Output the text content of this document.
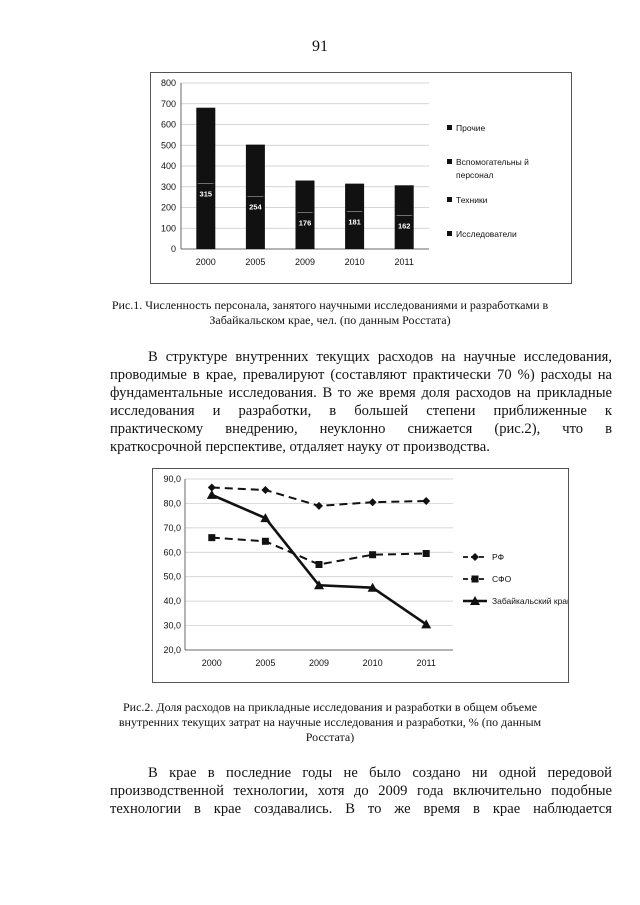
91
0
100
200
300
400
500
600
700
800
315
2000
254
2005
176
2009
181
2010
162
2011
Прочие
Вспомогательны й
персонал
Техники
Исследователи
Рис.1. Численность персонала, занятого научными исследованиями и разработками в
Забайкальском крае, чел. (по данным Росстата)
В структуре внутренних текущих расходов на научные исследования,
проводимые в крае, превалируют (составляют практически 70 %) расходы на
фундаментальные исследования. В то же время доля расходов на прикладные
исследования и разработки, в большей степени приближенные к
практическому внедрению, неуклонно снижается (рис.2), что в
краткосрочной перспективе, отдаляет науку от производства.
20,0
30,0
40,0
50,0
60,0
70,0
80,0
90,0
2000	2005	2009	2010	2011
РФ
СФО
Забайкальский край
Рис.2. Доля расходов на прикладные исследования и разработки в общем объеме
внутренних текущих затрат на научные исследования и разработки, % (по данным
Росстата)
В крае в последние годы не было создано ни одной передовой
производственной технологии, хотя до 2009 года включительно подобные
технологии в крае создавались. В то же время в крае наблюдается
